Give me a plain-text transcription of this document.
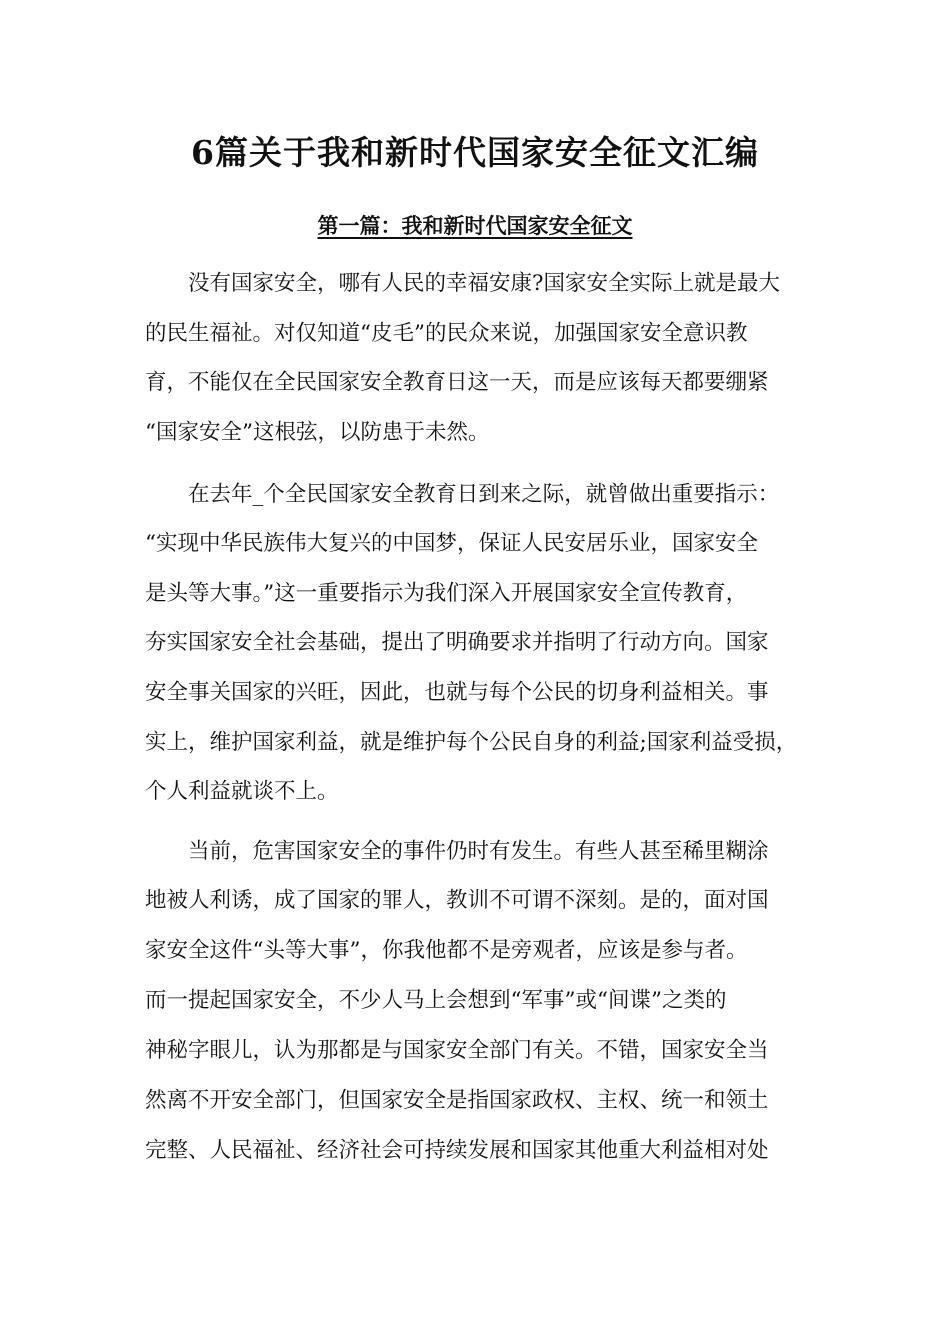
6篇关于我和新时代国家安全征文汇编
第一篇：我和新时代国家安全征文
　　没有国家安全，哪有人民的幸福安康?国家安全实际上就是最大
的民生福祉。对仅知道“皮毛”的民众来说，加强国家安全意识教
育，不能仅在全民国家安全教育日这一天，而是应该每天都要绷紧
“国家安全”这根弦，以防患于未然。
　　在去年_个全民国家安全教育日到来之际，就曾做出重要指示：
“实现中华民族伟大复兴的中国梦，保证人民安居乐业，国家安全
是头等大事。”这一重要指示为我们深入开展国家安全宣传教育，
夯实国家安全社会基础，提出了明确要求并指明了行动方向。国家
安全事关国家的兴旺，因此，也就与每个公民的切身利益相关。事
实上，维护国家利益，就是维护每个公民自身的利益;国家利益受损，
个人利益就谈不上。
　　当前，危害国家安全的事件仍时有发生。有些人甚至稀里糊涂
地被人利诱，成了国家的罪人，教训不可谓不深刻。是的，面对国
家安全这件“头等大事”，你我他都不是旁观者，应该是参与者。
而一提起国家安全，不少人马上会想到“军事”或“间谍”之类的
神秘字眼儿，认为那都是与国家安全部门有关。不错，国家安全当
然离不开安全部门，但国家安全是指国家政权、主权、统一和领土
完整、人民福祉、经济社会可持续发展和国家其他重大利益相对处
